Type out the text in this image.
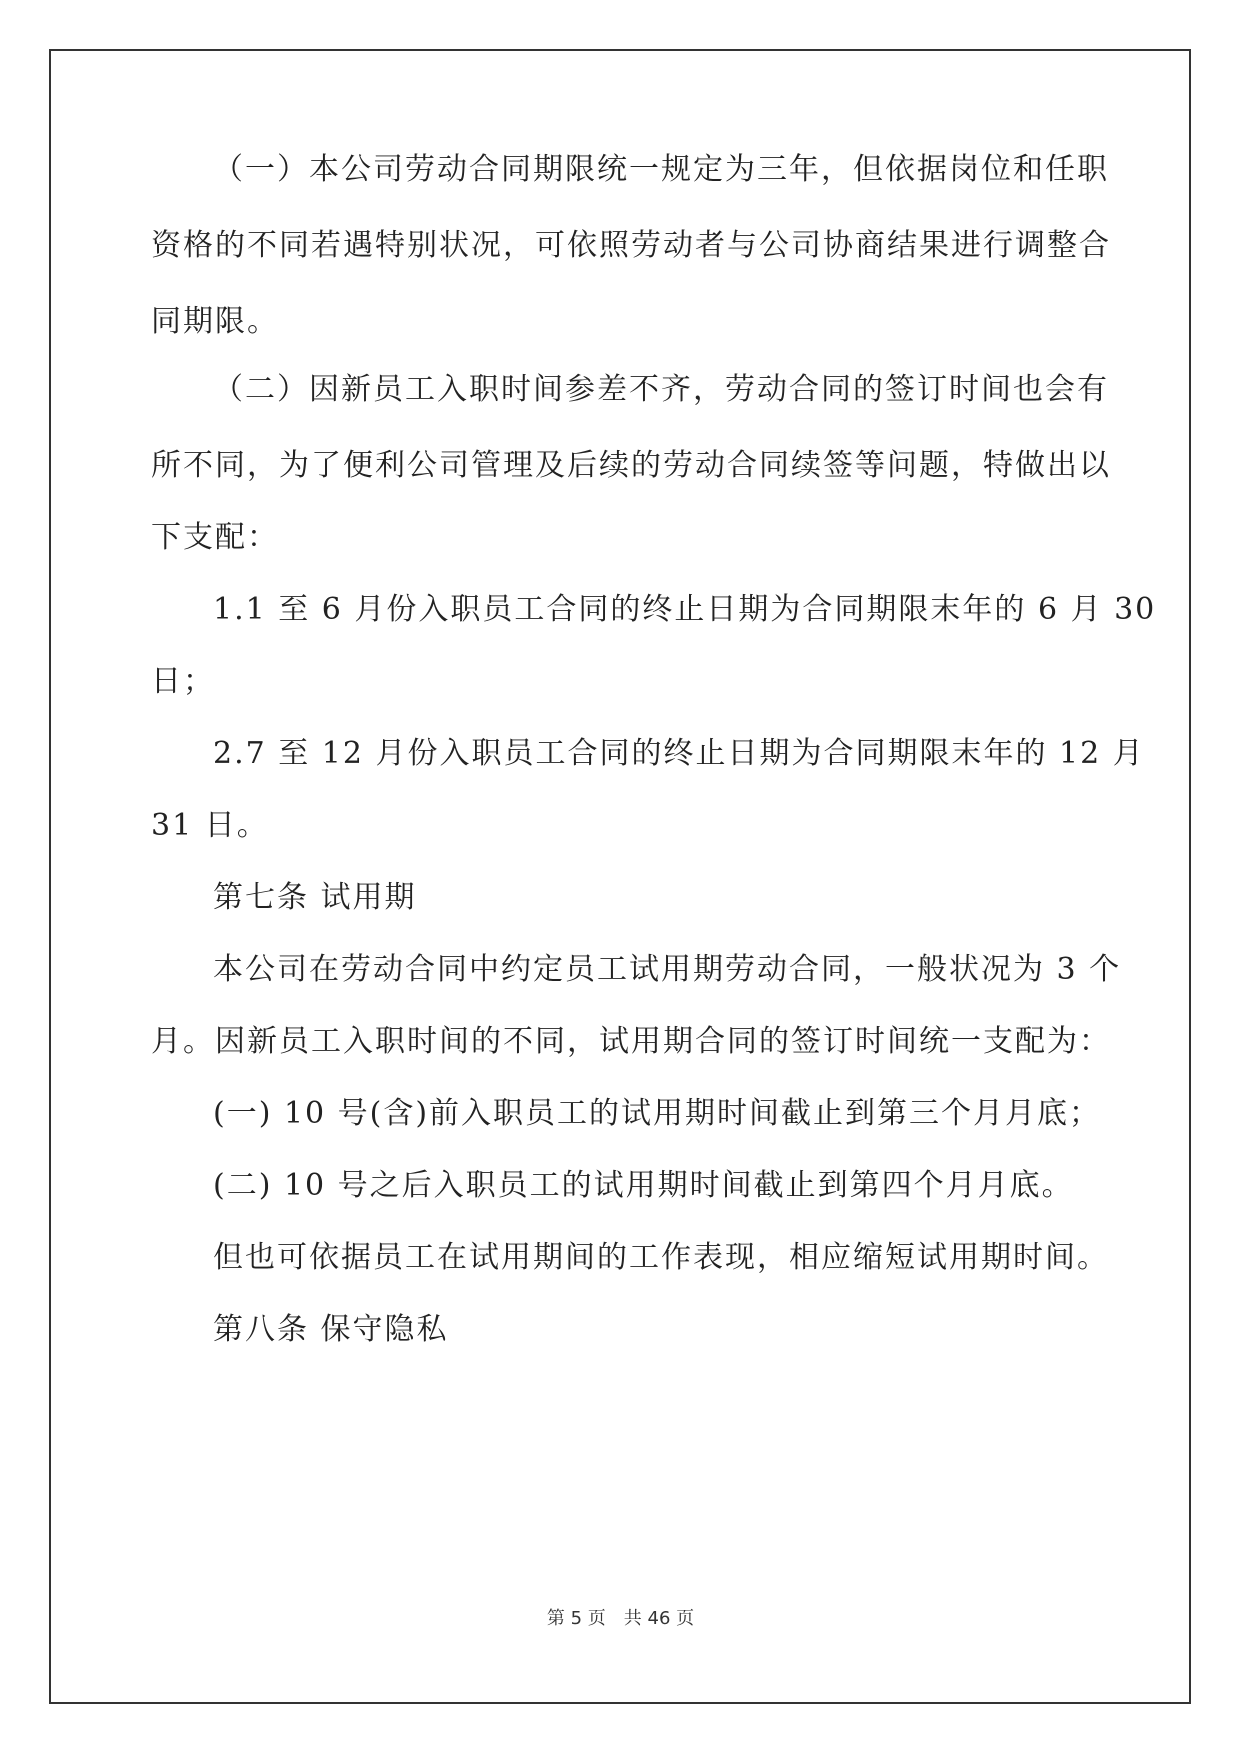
（一）本公司劳动合同期限统一规定为三年，但依据岗位和任职
资格的不同若遇特别状况，可依照劳动者与公司协商结果进行调整合
同期限。
（二）因新员工入职时间参差不齐，劳动合同的签订时间也会有
所不同，为了便利公司管理及后续的劳动合同续签等问题，特做出以
下支配：
1.1 至 6 月份入职员工合同的终止日期为合同期限末年的 6 月 30
日；
2.7 至 12 月份入职员工合同的终止日期为合同期限末年的 12 月
31 日。
第七条 试用期
本公司在劳动合同中约定员工试用期劳动合同，一般状况为 3 个
月。因新员工入职时间的不同，试用期合同的签订时间统一支配为：
(一) 10 号(含)前入职员工的试用期时间截止到第三个月月底；
(二) 10 号之后入职员工的试用期时间截止到第四个月月底。
但也可依据员工在试用期间的工作表现，相应缩短试用期时间。
第八条 保守隐私
第 5 页 共 46 页
